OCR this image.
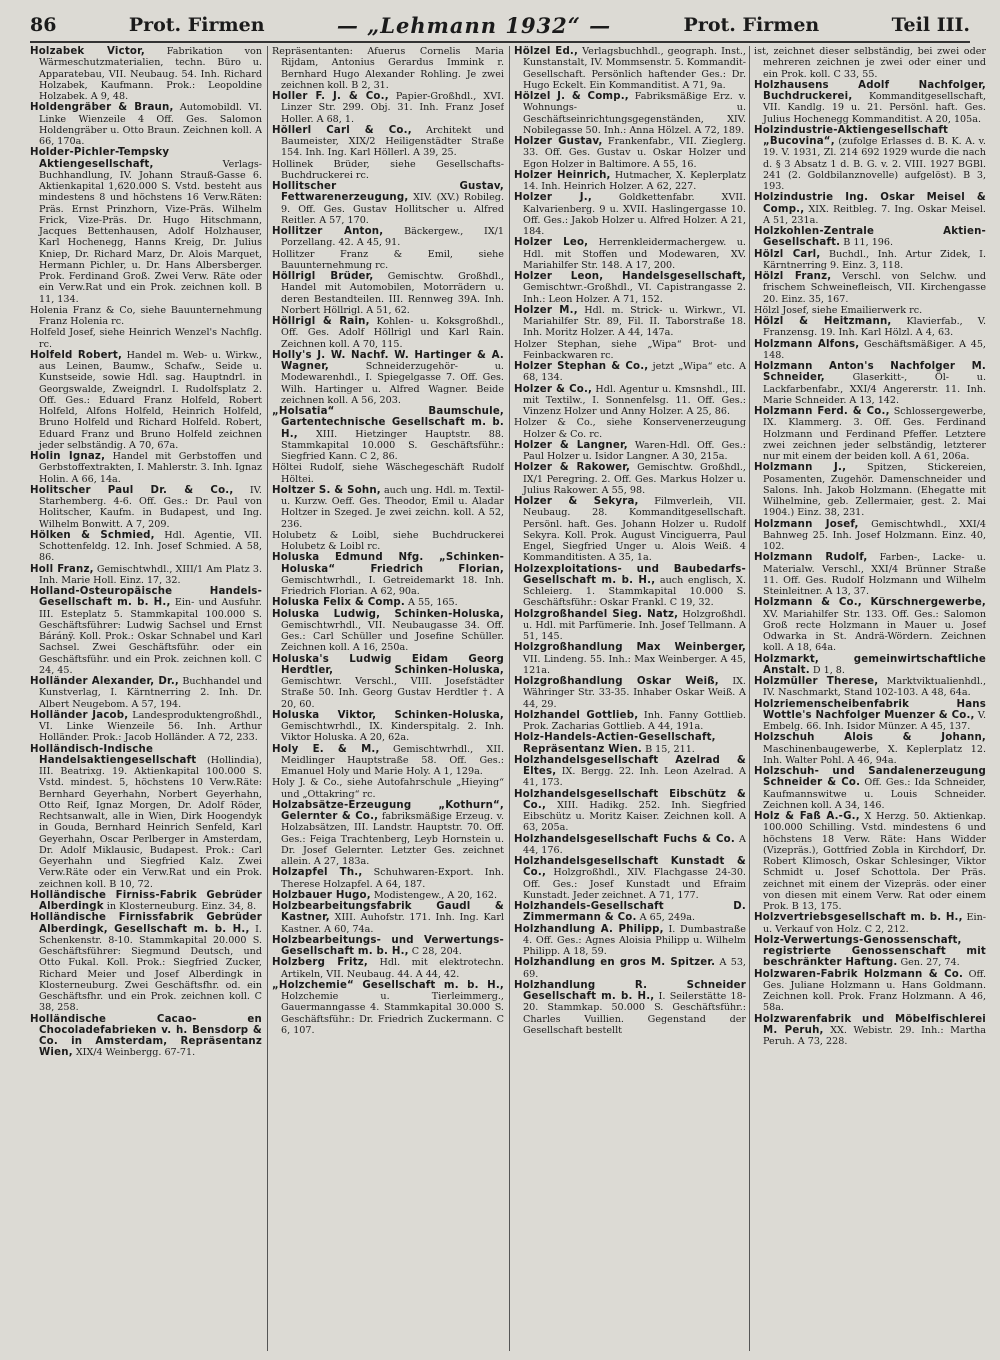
86	Prot. Firmen	— „Lehmann 1932“ —	Prot. Firmen	Teil III.
Holzabek Victor, Fabrikation von Wärmeschutzmaterialien, techn. Büro u. Apparatebau, VII. Neubaug. 54. Inh. Richard Holzabek, Kaufmann. Prok.: Leopoldine Holzabek. A 9, 48.
Holdengräber & Braun, Automobildl. VI. Linke Wienzeile 4 Off. Ges. Salomon Holdengräber u. Otto Braun. Zeichnen koll. A 66, 170a.
Holder-Pichler-Tempsky Aktiengesellschaft,	Verlags- Buchhandlung, IV. Johann Strauß-Gasse 6. Aktienkapital 1,620.000 S. Vstd. besteht aus mindestens 8 und höchstens 16 Verw.Räten: Präs. Ernst Prinzhorn, Vize-Präs. Wilhelm Frick, Vize-Präs. Dr. Hugo Hitschmann, Jacques Bettenhausen, Adolf Holzhauser, Karl Hochenegg, Hanns Kreig, Dr. Julius Kniep, Dr. Richard Marz, Dr. Alois Marquet, Hermann Pichler, u. Dr. Hans Albersberger. Prok. Ferdinand Groß. Zwei Verw. Räte oder ein Verw.Rat und ein Prok. zeichnen koll. B 11, 134.
Holenia Franz & Co, siehe Bauunternehmung Franz Holenia rc.
Holfeld Josef, siehe Heinrich Wenzel's Nachflg. rc.
Holfeld Robert, Handel m. Web- u. Wirkw., aus Leinen, Baumw., Schafw., Seide u. Kunstseide, sowie Hdl. sag. Hauptndrl. in Georgswalde, Zweigndrl. I. Rudolfsplatz 2. Off. Ges.: Eduard Franz Holfeld, Robert Holfeld, Alfons Holfeld, Heinrich Holfeld, Bruno Holfeld und Richard Holfeld. Robert, Eduard Franz und Bruno Holfeld zeichnen jeder selbständig. A 70, 67a.
Holin Ignaz, Handel mit Gerbstoffen und Gerbstoffextrakten, I. Mahlerstr. 3. Inh. Ignaz Holin. A 66, 14a.
Holitscher Paul Dr. & Co., IV. Starhemberg. 4-6. Off. Ges.: Dr. Paul von Holitscher, Kaufm. in Budapest, und Ing. Wilhelm Bonwitt. A 7, 209.
Hölken & Schmied, Hdl. Agentie, VII. Schottenfeldg. 12. Inh. Josef Schmied. A 58, 86.
Holl Franz, Gemischtwhdl., XIII/1 Am Platz 3. Inh. Marie Holl. Einz. 17, 32.
Holland-Osteuropäische Handels-Gesellschaft m. b. H., Ein- und Ausfuhr. III. Esteplatz 5. Stammkapital 100.000 S. Geschäftsführer: Ludwig Sachsel und Ernst Báránÿ. Koll. Prok.: Oskar Schnabel und Karl Sachsel. Zwei Geschäftsführ. oder ein Geschäftsführ. und ein Prok. zeichnen koll. C 24, 45.
Holländer Alexander, Dr., Buchhandel und Kunstverlag, I. Kärntnerring 2. Inh. Dr. Albert Neugebom. A 57, 194.
Holländer Jacob, Landesproduktengroßhdl., VI. Linke Wienzeile 56. Inh. Arthur Holländer. Prok.: Jacob Holländer. A 72, 233.
Holländisch-Indische Handelsaktiengesellschaft (Hollindia), III. Beatrixg. 19. Aktienkapital 100.000 S. Vstd. mindest. 5, höchstens 10 Verw.Räte: Bernhard Geyerhahn, Norbert Geyerhahn, Otto Reif, Ignaz Morgen, Dr. Adolf Röder, Rechtsanwalt, alle in Wien, Dirk Hoogendyk in Gouda, Bernhard Heinrich Senfeld, Karl Geyerhahn, Oscar Perlberger in Amsterdam, Dr. Adolf Miklausic, Budapest. Prok.: Carl Geyerhahn und Siegfried Kalz. Zwei Verw.Räte oder ein Verw.Rat und ein Prok. zeichnen koll. B 10, 72.
Holländische Firniss-Fabrik Gebrüder Alberdingk in Klosterneuburg. Einz. 34, 8.
Holländische Firnissfabrik Gebrüder Alberdingk, Gesellschaft m. b. H., I. Schenkenstr. 8-10. Stammkapital 20.000 S. Geschäftsführer: Siegmund Deutsch, und Otto Fukal. Koll. Prok.: Siegfried Zucker, Richard Meier und Josef Alberdingk in Klosterneuburg. Zwei Geschäftsfhr. od. ein Geschäftsfhr. und ein Prok. zeichnen koll. C 38, 258.
Holländische Cacao- en Chocoladefabrieken v. h. Bensdorp & Co. in Amsterdam, Repräsentanz Wien, XIX/4 Weinbergg. 67-71.
Repräsentanten: Afuerus Cornelis Maria Rijdam, Antonius Gerardus Immink r. Bernhard Hugo Alexander Rohling. Je zwei zeichnen koll. B 2, 31.
Holler F. J. & Co., Papier-Großhdl., XVI. Linzer Str. 299. Obj. 31. Inh. Franz Josef Holler. A 68, 1.
Höllerl Carl & Co., Architekt und Baumeister, XIX/2 Heiligenstädter Straße 154. Inh. Ing. Karl Höllerl. A 39, 25.
Hollinek Brüder, siehe Gesellschafts-Buchdruckerei rc.
Hollitscher Gustav, Fettwarenerzeugung, XIV. (XV.) Robileg. 9. Off. Ges. Gustav Hollitscher u. Alfred Reitler. A 57, 170.
Hollitzer Anton, Bäckergew., IX/1 Porzellang. 42. A 45, 91.
Hollitzer Franz & Emil, siehe Bauunternehmung rc.
Höllrigl Brüder, Gemischtw. Großhdl., Handel mit Automobilen, Motorrädern u. deren Bestandteilen. III. Rennweg 39A. Inh. Norbert Höllrigl. A 51, 62.
Höllrigl & Rain, Kohlen- u. Koksgroßhdl., Off. Ges. Adolf Höllrigl und Karl Rain. Zeichnen koll. A 70, 115.
Holly's J. W. Nachf. W. Hartinger & A. Wagner,	Schneiderzugehör- u. Modewarenhdl., I. Spiegelgasse 7. Off. Ges. Wilh. Hartinger u. Alfred Wagner. Beide zeichnen koll. A 56, 203.
„Holsatia“ Baumschule, Gartentechnische Gesellschaft m. b. H., XIII. Hietzinger Hauptstr. 88. Stammkapital 10.000 S. Geschäftsführ.: Siegfried Kann. C 2, 86.
Höltei Rudolf, siehe Wäschegeschäft Rudolf Höltei.
Holtzer S. & Sohn, auch ung. Hdl. m. Textil- u. Kurzw. Oeff. Ges. Theodor, Emil u. Aladar Holtzer in Szeged. Je zwei zeichn. koll. A 52, 236.
Holubetz & Loibl, siehe Buchdruckerei Holubetz & Loibl rc.
Holuska Edmund Nfg. „Schinken-Holuska“ Friedrich Florian, Gemischtwrhdl., I. Getreidemarkt 18. Inh. Friedrich Florian. A 62, 90a.
Holuska Felix & Comp. A 55, 165.
Holuska Ludwig, Schinken-Holuska, Gemischtwrhdl., VII. Neubaugasse 34. Off. Ges.: Carl Schüller und Josefine Schüller. Zeichnen koll. A 16, 250a.
Holuska's Ludwig Eidam Georg Herdtler, Schinken-Holuska, Gemischtwr. Verschl., VIII. Josefstädter Straße 50. Inh. Georg Gustav Herdtler †. A 20, 60.
Holuska Viktor, Schinken-Holuska, Gemischtwrhdl., IX. Kinderspitalg. 2. Inh. Viktor Holuska. A 20, 62a.
Holy E. & M., Gemischtwrhdl., XII. Meidlinger Hauptstraße 58. Off. Ges.: Emanuel Holy und Marie Holy. A 1, 129a.
Holy J. & Co., siehe Autofahrschule „Hieying“ und „Ottakring“ rc.
Holzabsätze-Erzeugung „Kothurn“, Gelernter & Co., fabriksmäßige Erzeug. v. Holzabsätzen, III. Landstr. Hauptstr. 70. Off. Ges.: Feiga Trachtenberg, Leyb Hornstein u. Dr. Josef Gelernter. Letzter Ges. zeichnet allein. A 27, 183a.
Holzapfel Th., Schuhwaren-Export. Inh. Therese Holzapfel. A 64, 187.
Holzbauer Hugo, Modistengew., A 20, 162.
Holzbearbeitungsfabrik Gaudl & Kastner, XIII. Auhofstr. 171. Inh. Ing. Karl Kastner. A 60, 74a.
Holzbearbeitungs- und Verwertungs-Gesellschaft m. b. H., C 28, 204.
Holzberg Fritz, Hdl. mit elektrotechn. Artikeln, VII. Neubaug. 44. A 44, 42.
„Holzchemie“ Gesellschaft m. b. H., Holzchemie u. Tierleimmerg., Gauermanngasse 4. Stammkapital 30.000 S. Geschäftsführ.: Dr. Friedrich Zuckermann. C 6, 107.
Hölzel Ed., Verlagsbuchhdl., geograph. Inst., Kunstanstalt, IV. Mommsenstr. 5. Kommandit-Gesellschaft. Persönlich haftender Ges.: Dr. Hugo Eckelt. Ein Kommanditist. A 71, 9a.
Hölzel J. & Comp., Fabriksmäßige Erz. v. Wohnungs- u. Geschäftseinrichtungsgegenständen, XIV. Nobilegasse 50. Inh.: Anna Hölzel. A 72, 189.
Holzer Gustav, Frankenfabr., VII. Zieglerg. 33. Off. Ges. Gustav u. Oskar Holzer und Egon Holzer in Baltimore. A 55, 16.
Holzer Heinrich, Hutmacher, X. Keplerplatz 14. Inh. Heinrich Holzer. A 62, 227.
Holzer J.,	Goldkettenfabr. XVII. Kalvarienberg. 9 u. XVII. Haslingergasse 10. Off. Ges.: Jakob Holzer u. Alfred Holzer. A 21, 184.
Holzer Leo, Herrenkleidermachergew. u. Hdl. mit Stoffen und Modewaren, XV. Mariahilfer Str. 148. A 17, 200.
Holzer Leon, Handelsgesellschaft, Gemischtwr.-Großhdl., VI. Capistrangasse 2. Inh.: Leon Holzer. A 71, 152.
Holzer M., Hdl. m. Strick- u. Wirkwr., VI. Mariahilfer Str. 89, Fil. II. Taborstraße 18. Inh. Moritz Holzer. A 44, 147a.
Holzer Stephan, siehe „Wipa“ Brot- und Feinbackwaren rc.
Holzer Stephan & Co., jetzt „Wipa“ etc. A 68, 134.
Holzer & Co., Hdl. Agentur u. Kmsnshdl., III. mit Textilw., I. Sonnenfelsg. 11. Off. Ges.: Vinzenz Holzer und Anny Holzer. A 25, 86.
Holzer & Co., siehe Konservenerzeugung Holzer & Co. rc.
Holzer & Langner, Waren-Hdl. Off. Ges.: Paul Holzer u. Isidor Langner. A 30, 215a.
Holzer & Rakower, Gemischtw. Großhdl., IX/1 Peregring. 2. Off. Ges. Markus Holzer u. Julius Rakower. A 55, 98.
Holzer & Sekyra, Filmverleih, VII. Neubaug. 28. Kommanditgesellschaft. Persönl. haft. Ges. Johann Holzer u. Rudolf Sekyra. Koll. Prok. August Vinciguerra, Paul Engel, Siegfried Unger u. Alois Weiß. 4 Kommanditisten. A 35, 1a.
Holzexploitations- und Baubedarfs-Gesellschaft m. b. H., auch englisch, X. Schleierg. 1. Stammkapital 10.000 S. Geschäftsführ.: Oskar Frankl. C 19, 32.
Holzgroßhandel Sieg. Natz, Holzgroßhdl. u. Hdl. mit Parfümerie. Inh. Josef Tellmann. A 51, 145.
Holzgroßhandlung Max Weinberger, VII. Lindeng. 55. Inh.: Max Weinberger. A 45, 121a.
Holzgroßhandlung Oskar Weiß, IX. Währinger Str. 33-35. Inhaber Oskar Weiß. A 44, 29.
Holzhandel Gottlieb, Inh. Fanny Gottlieb. Prok. Zacharias Gottlieb. A 44, 191a.
Holz-Handels-Actien-Gesellschaft, Repräsentanz Wien. B 15, 211.
Holzhandelsgesellschaft Azelrad & Eltes, IX. Bergg. 22. Inh. Leon Azelrad. A 41, 173.
Holzhandelsgesellschaft Eibschütz & Co., XIII. Hadikg. 252. Inh. Siegfried Eibschütz u. Moritz Kaiser. Zeichnen koll. A 63, 205a.
Holzhandelsgesellschaft Fuchs & Co. A 44, 176.
Holzhandelsgesellschaft Kunstadt & Co., Holzgroßhdl., XIV. Flachgasse 24-30. Off. Ges.: Josef Kunstadt und Efraim Kunstadt. Jeder zeichnet. A 71, 177.
Holzhandels-Gesellschaft D. Zimmermann & Co. A 65, 249a.
Holzhandlung A. Philipp, I. Dumbastraße 4. Off. Ges.: Agnes Aloisia Philipp u. Wilhelm Philipp. A 18, 59.
Holzhandlung en gros M. Spitzer. A 53, 69.
Holzhandlung R. Schneider Gesellschaft m. b. H., I. Seilerstätte 18-20. Stammkap. 50.000 S. Geschäftsführ.: Charles Vuillien. Gegenstand der Gesellschaft bestellt
ist, zeichnet dieser selbständig, bei zwei oder mehreren zeichnen je zwei oder einer und ein Prok. koll. C 33, 55.
Holzhausens Adolf Nachfolger, Buchdruckerei, Kommanditgesellschaft, VII. Kandlg. 19 u. 21. Persönl. haft. Ges. Julius Hochenegg Kommanditist. A 20, 105a.
Holzindustrie-Aktiengesellschaft „Bucovina“, (zufolge Erlasses d. B. K. A. v. 19. V. 1931, Zl. 214 692 1929 wurde die nach d. § 3 Absatz 1 d. B. G. v. 2. VIII. 1927 BGBl. 241 (2. Goldbilanznovelle) aufgelöst). B 3, 193.
Holzindustrie Ing. Oskar Meisel & Comp., XIX. Reitbleg. 7. Ing. Oskar Meisel. A 51, 231a.
Holzkohlen-Zentrale Aktien-Gesellschaft. B 11, 196.
Hölzl Carl, Buchdl., Inh. Artur Zidek, I. Kärntnerring 9. Einz. 3, 118.
Hölzl Franz, Verschl. von Selchw. und frischem Schweinefleisch, VII. Kirchengasse 20. Einz. 35, 167.
Hölzl Josef, siehe Emailierwerk rc.
Hölzl & Heitzmann, Klavierfab., V. Franzensg. 19. Inh. Karl Hölzl. A 4, 63.
Holzmann Alfons, Geschäftsmäßiger. A 45, 148.
Holzmann Anton's Nachfolger M. Schneider,	Glaserkitt-, Öl- u. Lackfarbenfabr., XXI/4 Angererstr. 11. Inh. Marie Schneider. A 13, 142.
Holzmann Ferd. & Co., Schlossergewerbe, IX. Klammerg. 3. Off. Ges. Ferdinand Holzmann und Ferdinand Pfeffer. Letztere zwei zeichnen jeder selbständig, letzterer nur mit einem der beiden koll. A 61, 206a.
Holzmann J., Spitzen, Stickereien, Posamenten, Zugehör. Damenschneider und Salons. Inh. Jakob Holzmann. (Ehegatte mit Wilhelmine, geb. Zellermaier, gest. 2. Mai 1904.) Einz. 38, 231.
Holzmann Josef, Gemischtwhdl., XXI/4 Bahnweg 25. Inh. Josef Holzmann. Einz. 40, 102.
Holzmann Rudolf, Farben-, Lacke- u. Materialw. Verschl., XXI/4 Brünner Straße 11. Off. Ges. Rudolf Holzmann und Wilhelm Steinleitner. A 13, 37.
Holzmann & Co., Kürschnergewerbe, XV. Mariahilfer Str. 133. Off. Ges.: Salomon Groß recte Holzmann in Mauer u. Josef Odwarka in St. Andrä-Wördern. Zeichnen koll. A 18, 64a.
Holzmarkt, gemeinwirtschaftliche Anstalt. D 1, 8.
Holzmüller Therese, Marktviktualienhdl., IV. Naschmarkt, Stand 102-103. A 48, 64a.
Holzriemenscheibenfabrik Hans Wottle's Nachfolger Muenzer & Co., V. Embelg. 66. Inh. Isidor Münzer. A 45, 137.
Holzschuh Alois & Johann, Maschinenbaugewerbe, X. Keplerplatz 12. Inh. Walter Pohl. A 46, 94a.
Holzschuh- und Sandalenerzeugung Schneider & Co. Off. Ges.: Ida Schneider, Kaufmannswitwe u. Louis Schneider. Zeichnen koll. A 34, 146.
Holz & Faß A.-G., X Herzg. 50. Aktienkap. 100.000 Schilling. Vstd. mindestens 6 und höchstens 18 Verw. Räte: Hans Widder (Vizepräs.), Gottfried Zobla in Kirchdorf, Dr. Robert Klimosch, Oskar Schlesinger, Viktor Schmidt u. Josef Schottola. Der Präs. zeichnet mit einem der Vizepräs. oder einer von diesen mit einem Verw. Rat oder einem Prok. B 13, 175.
Holzvertriebsgesellschaft m. b. H., Ein- u. Verkauf von Holz. C 2, 212.
Holz-Verwertungs-Genossenschaft, registrierte Genossenschaft mit beschränkter Haftung. Gen. 27, 74.
Holzwaren-Fabrik Holzmann & Co. Off. Ges. Juliane Holzmann u. Hans Goldmann. Zeichnen koll. Prok. Franz Holzmann. A 46, 58a.
Holzwarenfabrik und Möbelfischlerei M. Peruh, XX. Webistr. 29. Inh.: Martha Peruh. A 73, 228.
